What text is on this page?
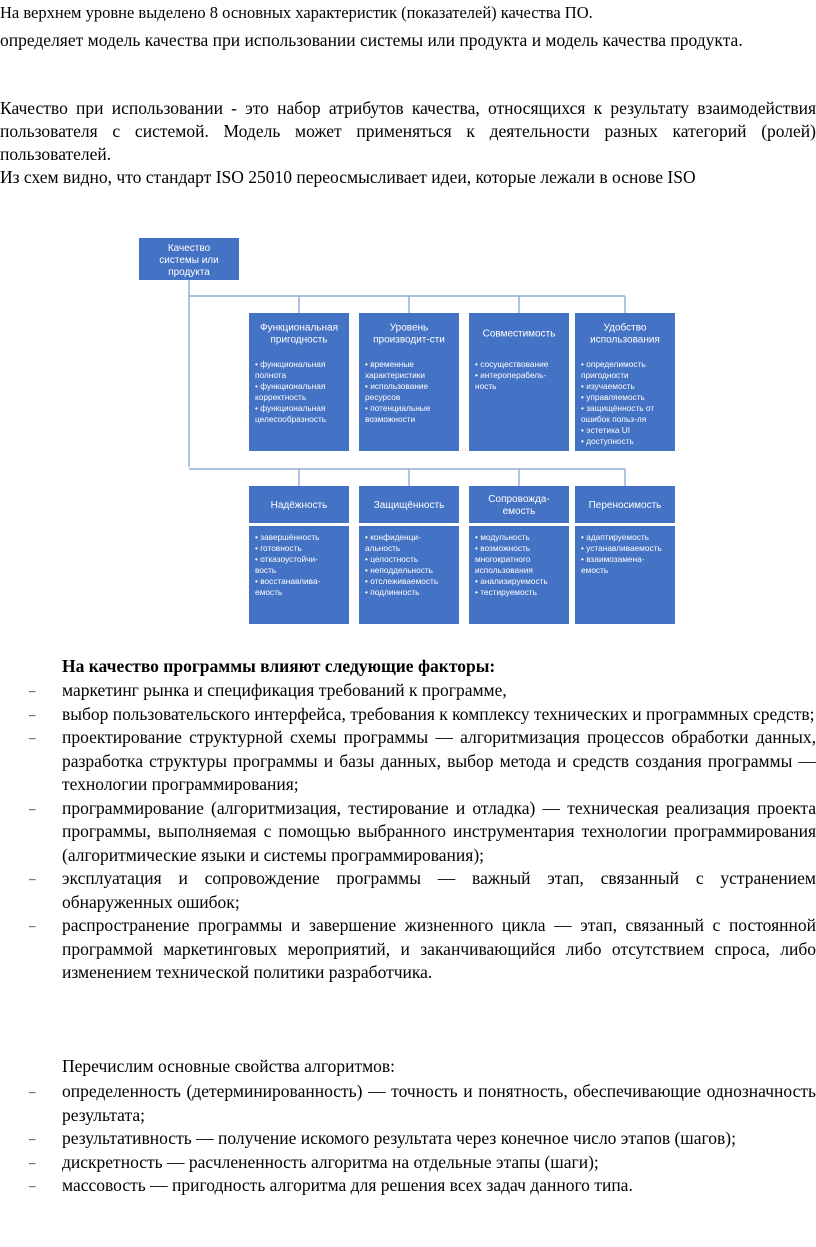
На верхнем уровне выделено 8 основных характеристик (показателей) качества ПО.
определяет модель качества при использовании системы или продукта и модель качества продукта.
Качество при использовании - это набор атрибутов качества, относящихся к результату взаимодействия пользователя с системой. Модель может применяться к деятельности разных категорий (ролей) пользователей.
Из схем видно, что стандарт ISO 25010 переосмысливает идеи, которые лежали в основе ISO
Качество
системы или
продукта
Функциональная
пригодность
• функциональная
полнота
• функциональная
корректность
• функциональная
целесообразность
Уровень
производит-сти
• временные
характеристики
• использование
ресурсов
• потенциальные
возможности
Совместимость
• сосуществование
• интероперабель-
ность
Удобство
использования
• определимость
пригодности
• изучаемость
• управляемость
• защищённость от
ошибок польз-ля
• эстетика UI
• доступность
Надёжность
• завершённость
• готовность
• отказоустойчи-
вость
• восстанавлива-
емость
Защищённость
• конфиденци-
альность
• целостность
• неподдельность
• отслеживаемость
• подлинность
Сопровожда-
емость
• модульность
• возможность
многократного
использования
• анализируемость
• тестируемость
Переносимость
• адаптируемость
• устанавливаемость
• взаимозамена-
емость
На качество программы влияют следующие факторы:
– маркетинг рынка и спецификация требований к программе,
– выбор пользовательского интерфейса, требования к комплексу технических и программных средств;
– проектирование структурной схемы программы — алгоритмизация процессов обработки данных, разработка структуры программы и базы данных, выбор метода и средств создания программы — технологии программирования;
– программирование (алгоритмизация, тестирование и отладка) — техническая реализация проекта программы, выполняемая с помощью выбранного инструментария технологии программирования (алгоритмические языки и системы программирования);
– эксплуатация и сопровождение программы — важный этап, связанный с устранением обнаруженных ошибок;
– распространение программы и завершение жизненного цикла — этап, связанный с постоянной программой маркетинговых мероприятий, и заканчивающийся либо отсутствием спроса, либо изменением технической политики разработчика.
Перечислим основные свойства алгоритмов:
– определенность (детерминированность) — точность и понятность, обеспечивающие однозначность результата;
– результативность — получение искомого результата через конечное число этапов (шагов);
– дискретность — расчлененность алгоритма на отдельные этапы (шаги);
– массовость — пригодность алгоритма для решения всех задач данного типа.
